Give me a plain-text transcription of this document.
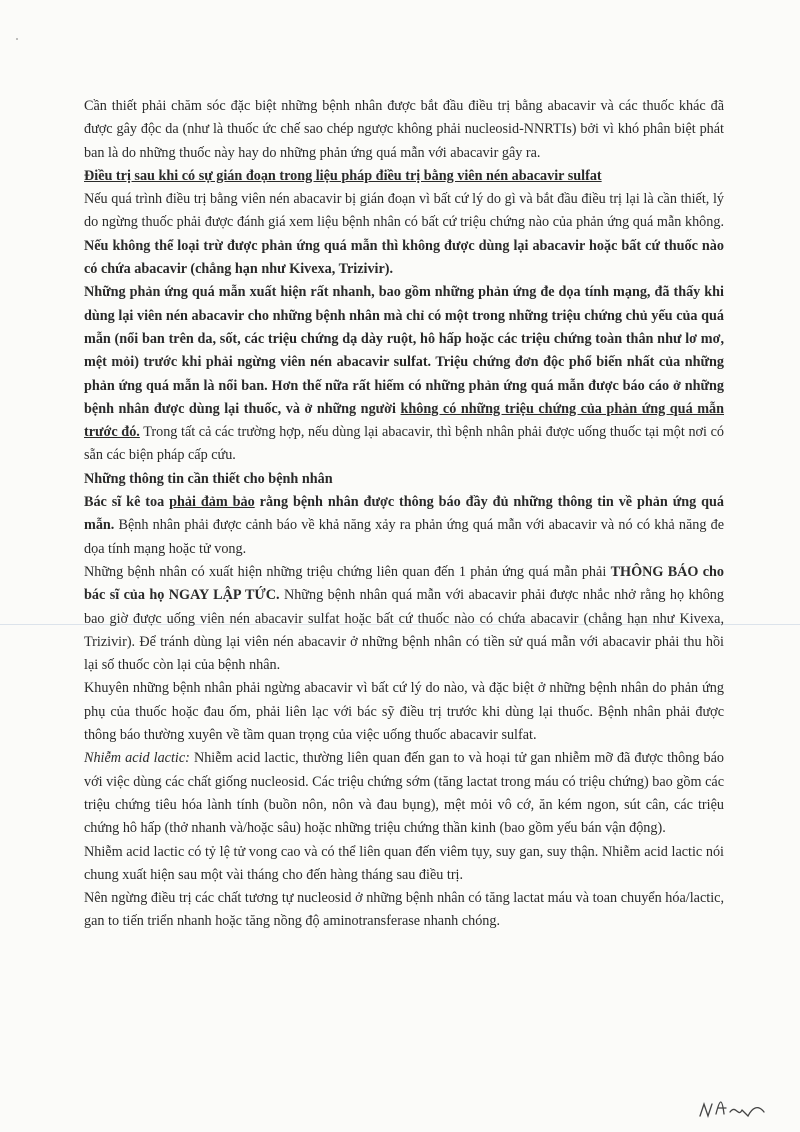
Cần thiết phải chăm sóc đặc biệt những bệnh nhân được bắt đầu điều trị bằng abacavir và các thuốc khác đã được gây độc da (như là thuốc ức chế sao chép ngược không phải nucleosid-NNRTIs) bởi vì khó phân biệt phát ban là do những thuốc này hay do những phản ứng quá mẫn với abacavir gây ra.

Điều trị sau khi có sự gián đoạn trong liệu pháp điều trị bằng viên nén abacavir sulfat

Nếu quá trình điều trị bằng viên nén abacavir bị gián đoạn vì bất cứ lý do gì và bắt đầu điều trị lại là cần thiết, lý do ngừng thuốc phải được đánh giá xem liệu bệnh nhân có bất cứ triệu chứng nào của phản ứng quá mẫn không. Nếu không thể loại trừ được phản ứng quá mẫn thì không được dùng lại abacavir hoặc bất cứ thuốc nào có chứa abacavir (chẳng hạn như Kivexa, Trizivir).

Những phản ứng quá mẫn xuất hiện rất nhanh, bao gồm những phản ứng đe dọa tính mạng, đã thấy khi dùng lại viên nén abacavir cho những bệnh nhân mà chỉ có một trong những triệu chứng chủ yếu của quá mẫn (nổi ban trên da, sốt, các triệu chứng dạ dày ruột, hô hấp hoặc các triệu chứng toàn thân như lơ mơ, mệt mỏi) trước khi phải ngừng viên nén abacavir sulfat. Triệu chứng đơn độc phổ biến nhất của những phản ứng quá mẫn là nổi ban. Hơn thế nữa rất hiếm có những phản ứng quá mẫn được báo cáo ở những bệnh nhân được dùng lại thuốc, và ở những người không có những triệu chứng của phản ứng quá mẫn trước đó. Trong tất cả các trường hợp, nếu dùng lại abacavir, thì bệnh nhân phải được uống thuốc tại một nơi có sẵn các biện pháp cấp cứu.

Những thông tin cần thiết cho bệnh nhân

Bác sĩ kê toa phải đảm bảo rằng bệnh nhân được thông báo đầy đủ những thông tin về phản ứng quá mẫn. Bệnh nhân phải được cảnh báo về khả năng xảy ra phản ứng quá mẫn với abacavir và nó có khả năng đe dọa tính mạng hoặc tử vong.

Những bệnh nhân có xuất hiện những triệu chứng liên quan đến 1 phản ứng quá mẫn phải THÔNG BÁO cho bác sĩ của họ NGAY LẬP TỨC. Những bệnh nhân quá mẫn với abacavir phải được nhắc nhở rằng họ không bao giờ được uống viên nén abacavir sulfat hoặc bất cứ thuốc nào có chứa abacavir (chẳng hạn như Kivexa, Trizivir). Để tránh dùng lại viên nén abacavir ở những bệnh nhân có tiền sử quá mẫn với abacavir phải thu hồi lại số thuốc còn lại của bệnh nhân.

Khuyên những bệnh nhân phải ngừng abacavir vì bất cứ lý do nào, và đặc biệt ở những bệnh nhân do phản ứng phụ của thuốc hoặc đau ốm, phải liên lạc với bác sỹ điều trị trước khi dùng lại thuốc. Bệnh nhân phải được thông báo thường xuyên về tầm quan trọng của việc uống thuốc abacavir sulfat.

Nhiễm acid lactic: Nhiễm acid lactic, thường liên quan đến gan to và hoại tử gan nhiễm mỡ đã được thông báo với việc dùng các chất giống nucleosid. Các triệu chứng sớm (tăng lactat trong máu có triệu chứng) bao gồm các triệu chứng tiêu hóa lành tính (buồn nôn, nôn và đau bụng), mệt mỏi vô cớ, ăn kém ngon, sút cân, các triệu chứng hô hấp (thở nhanh và/hoặc sâu) hoặc những triệu chứng thần kinh (bao gồm yếu bán vận động).

Nhiễm acid lactic có tỷ lệ tử vong cao và có thể liên quan đến viêm tụy, suy gan, suy thận. Nhiễm acid lactic nói chung xuất hiện sau một vài tháng cho đến hàng tháng sau điều trị.

Nên ngừng điều trị các chất tương tự nucleosid ở những bệnh nhân có tăng lactat máu và toan chuyển hóa/lactic, gan to tiến triển nhanh hoặc tăng nồng độ aminotransferase nhanh chóng.
